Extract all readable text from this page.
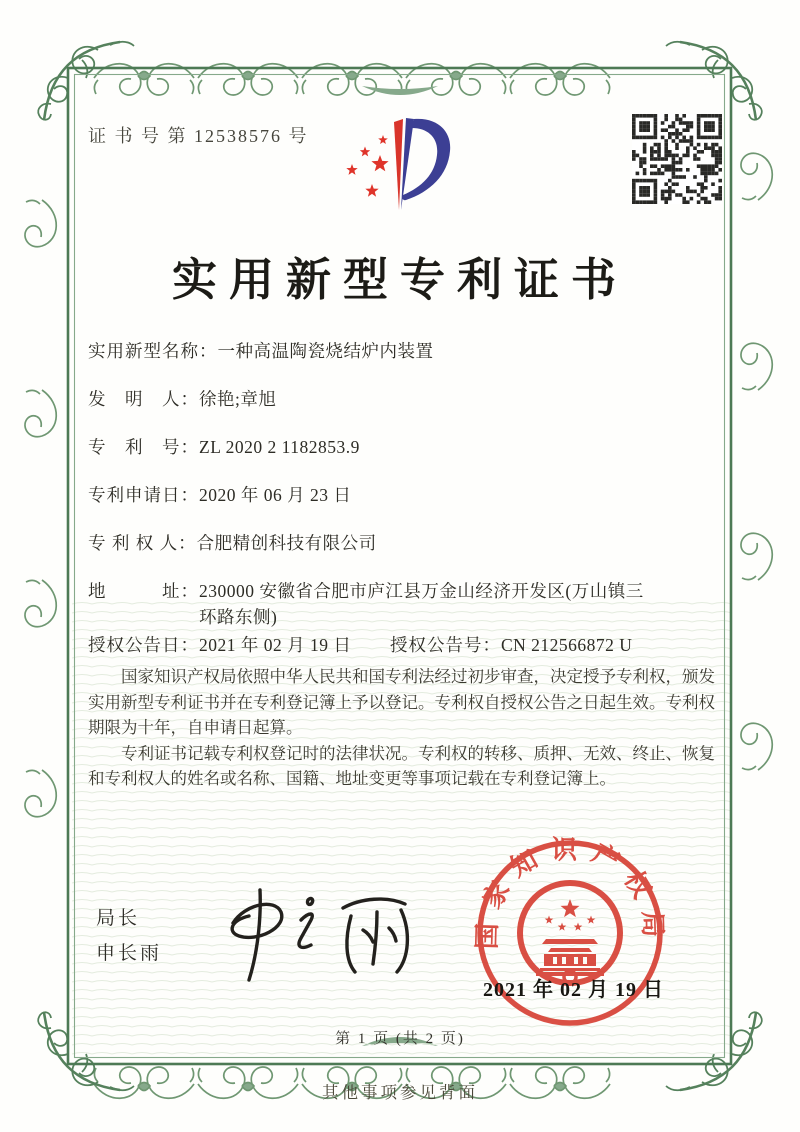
证 书 号 第 12538576 号
实用新型专利证书
实用新型名称：一种高温陶瓷烧结炉内装置
发　明　人：徐艳;章旭
专　利　号：ZL 2020 2 1182853.9
专利申请日：2020 年 06 月 23 日
专 利 权 人：合肥精创科技有限公司
地　　　址：230000 安徽省合肥市庐江县万金山经济开发区(万山镇三环路东侧)
授权公告日：2021 年 02 月 19 日 授权公告号：CN 212566872 U

国家知识产权局依照中华人民共和国专利法经过初步审查，决定授予专利权，颁发实用新型专利证书并在专利登记簿上予以登记。专利权自授权公告之日起生效。专利权期限为十年，自申请日起算。

专利证书记载专利权登记时的法律状况。专利权的转移、质押、无效、终止、恢复和专利权人的姓名或名称、国籍、地址变更等事项记载在专利登记簿上。

局长
申长雨
国家知识产权局
2021 年 02 月 19 日
第 1 页 (共 2 页)
其他事项参见背面
